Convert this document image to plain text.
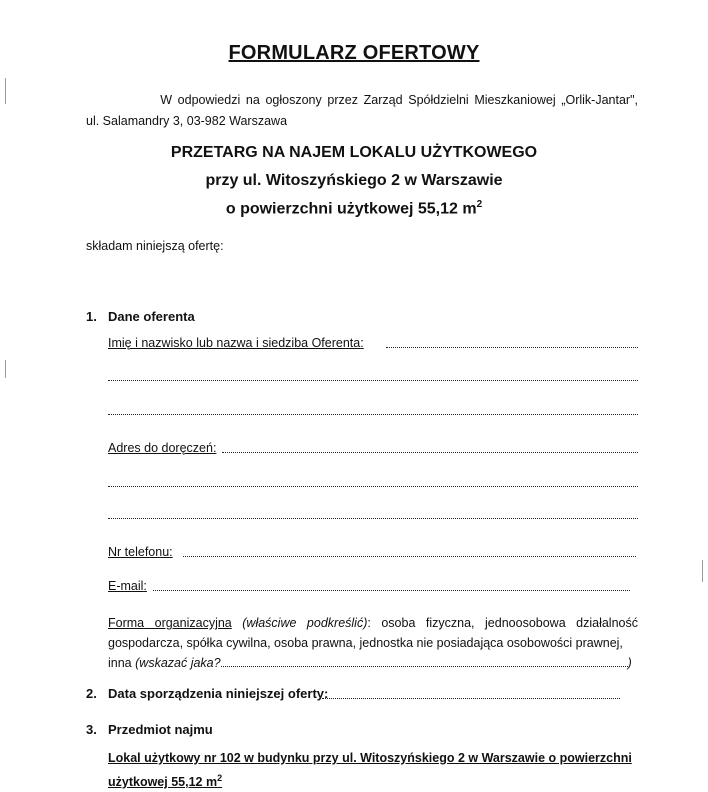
FORMULARZ OFERTOWY
W odpowiedzi na ogłoszony przez Zarząd Spółdzielni Mieszkaniowej „Orlik-Jantar",
ul. Salamandry 3, 03-982 Warszawa
PRZETARG NA NAJEM LOKALU UŻYTKOWEGO
przy ul. Witoszyńskiego 2 w Warszawie
o powierzchni użytkowej 55,12 $m^2$
składam niniejszą ofertę:
1. Dane oferenta
Imię i nazwisko lub nazwa i siedziba Oferenta:
Adres do doręczeń:
Nr telefonu:
E-mail:
Forma organizacyjna (właściwe podkreślić): osoba fizyczna, jednoosobowa działalność
gospodarcza, spółka cywilna, osoba prawna, jednostka nie posiadająca osobowości prawnej,
inna (wskazać jaka?	)
2. Data sporządzenia niniejszej oferty:
3. Przedmiot najmu
Lokal użytkowy nr 102 w budynku przy ul. Witoszyńskiego 2 w Warszawie o powierzchni
użytkowej 55,12 $m^2$
